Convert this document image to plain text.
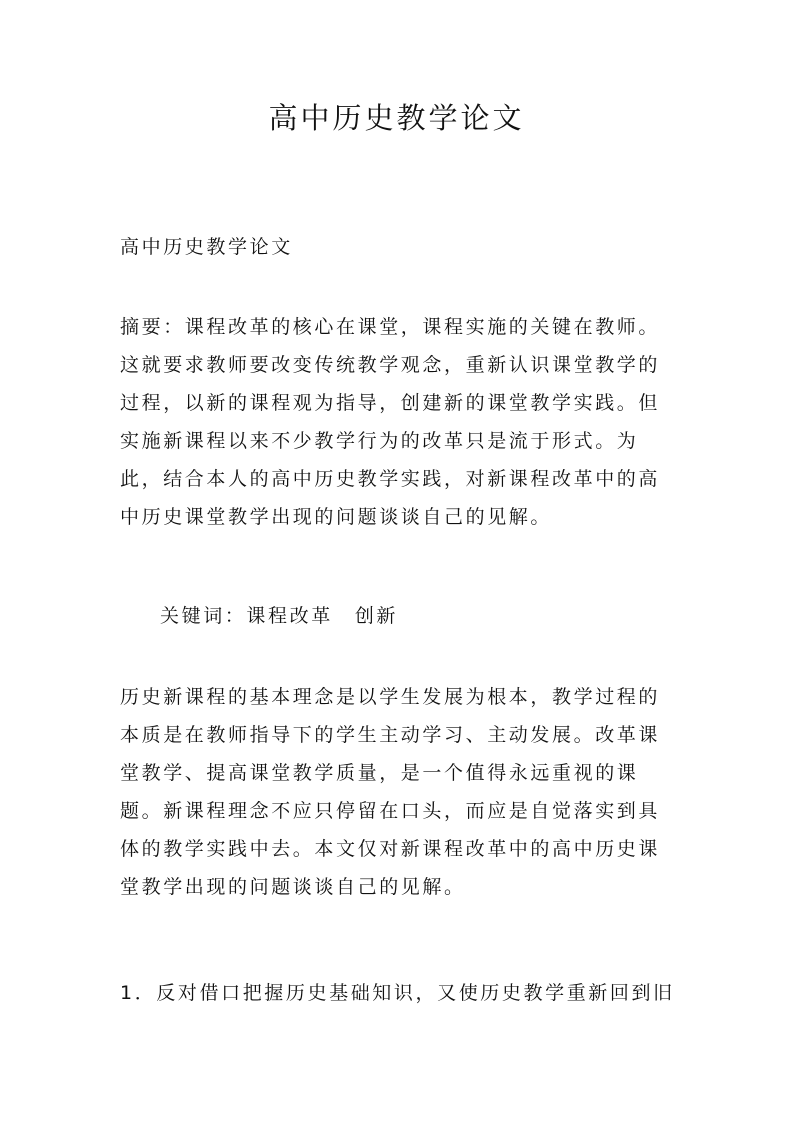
高中历史教学论文

高中历史教学论文

摘要：课程改革的核心在课堂，课程实施的关键在教师。这就要求教师要改变传统教学观念，重新认识课堂教学的过程，以新的课程观为指导，创建新的课堂教学实践。但实施新课程以来不少教学行为的改革只是流于形式。为此，结合本人的高中历史教学实践，对新课程改革中的高中历史课堂教学出现的问题谈谈自己的见解。

关键词：课程改革 创新

历史新课程的基本理念是以学生发展为根本，教学过程的本质是在教师指导下的学生主动学习、主动发展。改革课堂教学、提高课堂教学质量，是一个值得永远重视的课题。新课程理念不应只停留在口头，而应是自觉落实到具体的教学实践中去。本文仅对新课程改革中的高中历史课堂教学出现的问题谈谈自己的见解。

1．反对借口把握历史基础知识，又使历史教学重新回到旧
